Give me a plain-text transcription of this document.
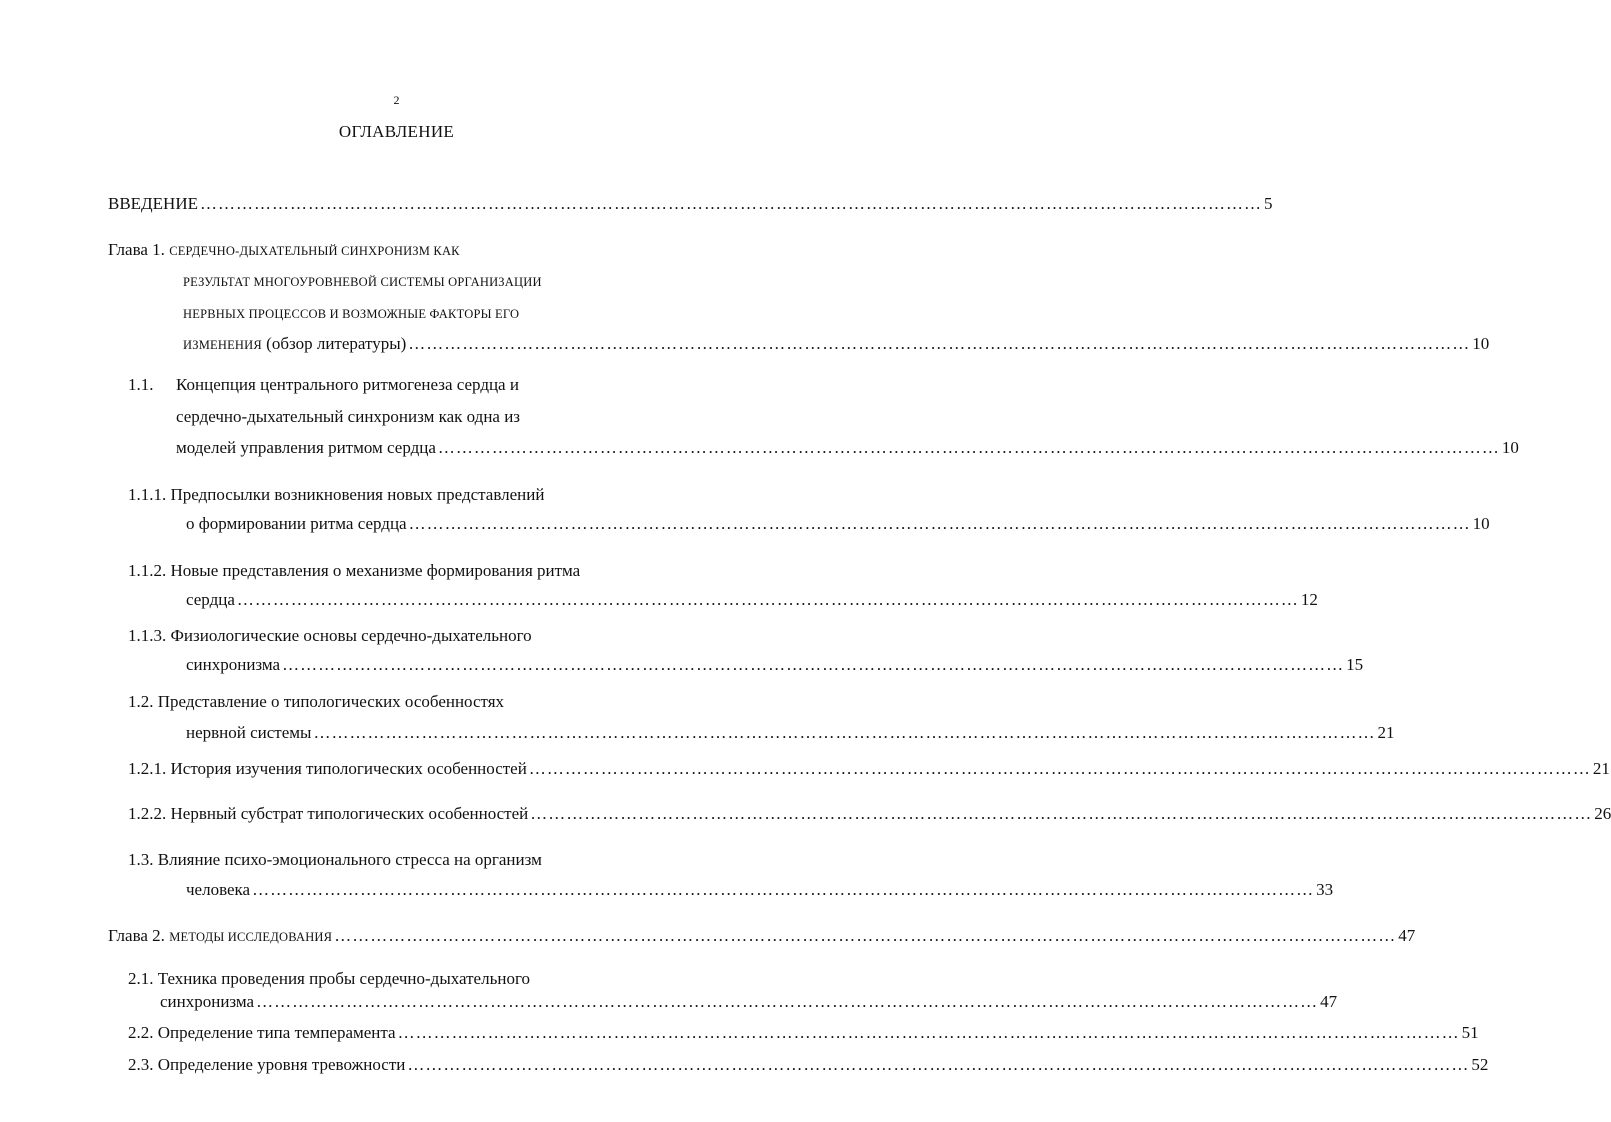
2
ОГЛАВЛЕНИЕ
ВВЕДЕНИЕ …………………………………………………………………………………………………………………………………………………………… 5
Глава 1. СЕРДЕЧНО-ДЫХАТЕЛЬНЫЙ СИНХРОНИЗМ КАК
РЕЗУЛЬТАТ МНОГОУРОВНЕВОЙ СИСТЕМЫ ОРГАНИЗАЦИИ
НЕРВНЫХ ПРОЦЕССОВ И ВОЗМОЖНЫЕ ФАКТОРЫ ЕГО
ИЗМЕНЕНИЯ (обзор литературы) …………………………………………………………………………………………………………………………………………………………… 10
1.1. Концепция центрального ритмогенеза сердца и
сердечно-дыхательный синхронизм как одна из
моделей управления ритмом сердца …………………………………………………………………………………………………………………………………………………………… 10
1.1.1. Предпосылки возникновения новых представлений
о формировании ритма сердца …………………………………………………………………………………………………………………………………………………………… 10
1.1.2. Новые представления о механизме формирования ритма
сердца …………………………………………………………………………………………………………………………………………………………… 12
1.1.3. Физиологические основы сердечно-дыхательного
синхронизма …………………………………………………………………………………………………………………………………………………………… 15
1.2. Представление о типологических особенностях
нервной системы …………………………………………………………………………………………………………………………………………………………… 21
1.2.1. История изучения типологических особенностей …………………………………………………………………………………………………………………………………………………………… 21
1.2.2. Нервный субстрат типологических особенностей …………………………………………………………………………………………………………………………………………………………… 26
1.3. Влияние психо-эмоционального стресса на организм
человека …………………………………………………………………………………………………………………………………………………………… 33
Глава 2. МЕТОДЫ ИССЛЕДОВАНИЯ …………………………………………………………………………………………………………………………………………………………… 47
2.1. Техника проведения пробы сердечно-дыхательного
синхронизма …………………………………………………………………………………………………………………………………………………………… 47
2.2. Определение типа темперамента …………………………………………………………………………………………………………………………………………………………… 51
2.3. Определение уровня тревожности …………………………………………………………………………………………………………………………………………………………… 52
